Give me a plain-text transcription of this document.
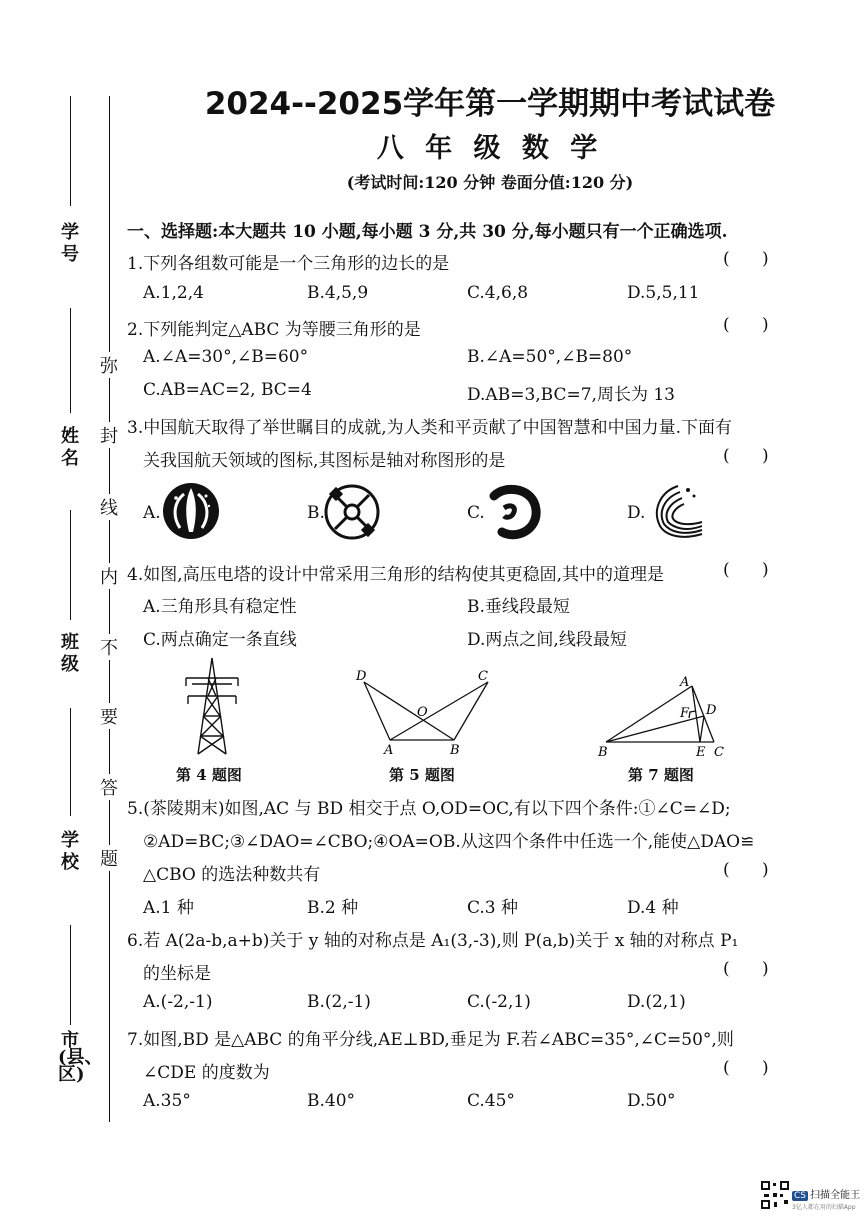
学号
姓名
班级
学校
市(县、区)
弥
封
线
内
不
要
答
题
2024--2025学年第一学期期中考试试卷
八 年 级 数 学
(考试时间:120 分钟 卷面分值:120 分)
一、选择题:本大题共 10 小题,每小题 3 分,共 30 分,每小题只有一个正确选项.
1.下列各组数可能是一个三角形的边长的是	(      )
A.1,2,4	B.4,5,9	C.4,6,8	D.5,5,11
2.下列能判定△ABC 为等腰三角形的是	(      )
A.∠A=30°,∠B=60°	B.∠A=50°,∠B=80°
C.AB=AC=2, BC=4	D.AB=3,BC=7,周长为 13
3.中国航天取得了举世瞩目的成就,为人类和平贡献了中国智慧和中国力量.下面有
关我国航天领域的图标,其图标是轴对称图形的是	(      )
A.	B.	C.	D.
4.如图,高压电塔的设计中常采用三角形的结构使其更稳固,其中的道理是	(      )
A.三角形具有稳定性	B.垂线段最短
C.两点确定一条直线	D.两点之间,线段最短
第 4 题图
D	C
O
A	B
第 5 题图
A
F D
B	E C
第 7 题图
5.(茶陵期末)如图,AC 与 BD 相交于点 O,OD=OC,有以下四个条件:①∠C=∠D;
②AD=BC;③∠DAO=∠CBO;④OA=OB.从这四个条件中任选一个,能使△DAO≌
△CBO 的选法种数共有	(      )
A.1 种	B.2 种	C.3 种	D.4 种
6.若 A(2a-b,a+b)关于 y 轴的对称点是 A₁(3,-3),则 P(a,b)关于 x 轴的对称点 P₁
的坐标是	(      )
A.(-2,-1)	B.(2,-1)	C.(-2,1)	D.(2,1)
7.如图,BD 是△ABC 的角平分线,AE⊥BD,垂足为 F.若∠ABC=35°,∠C=50°,则
∠CDE 的度数为	(      )
A.35°	B.40°	C.45°	D.50°
CS 扫描全能王
3亿人都在用的扫描App
